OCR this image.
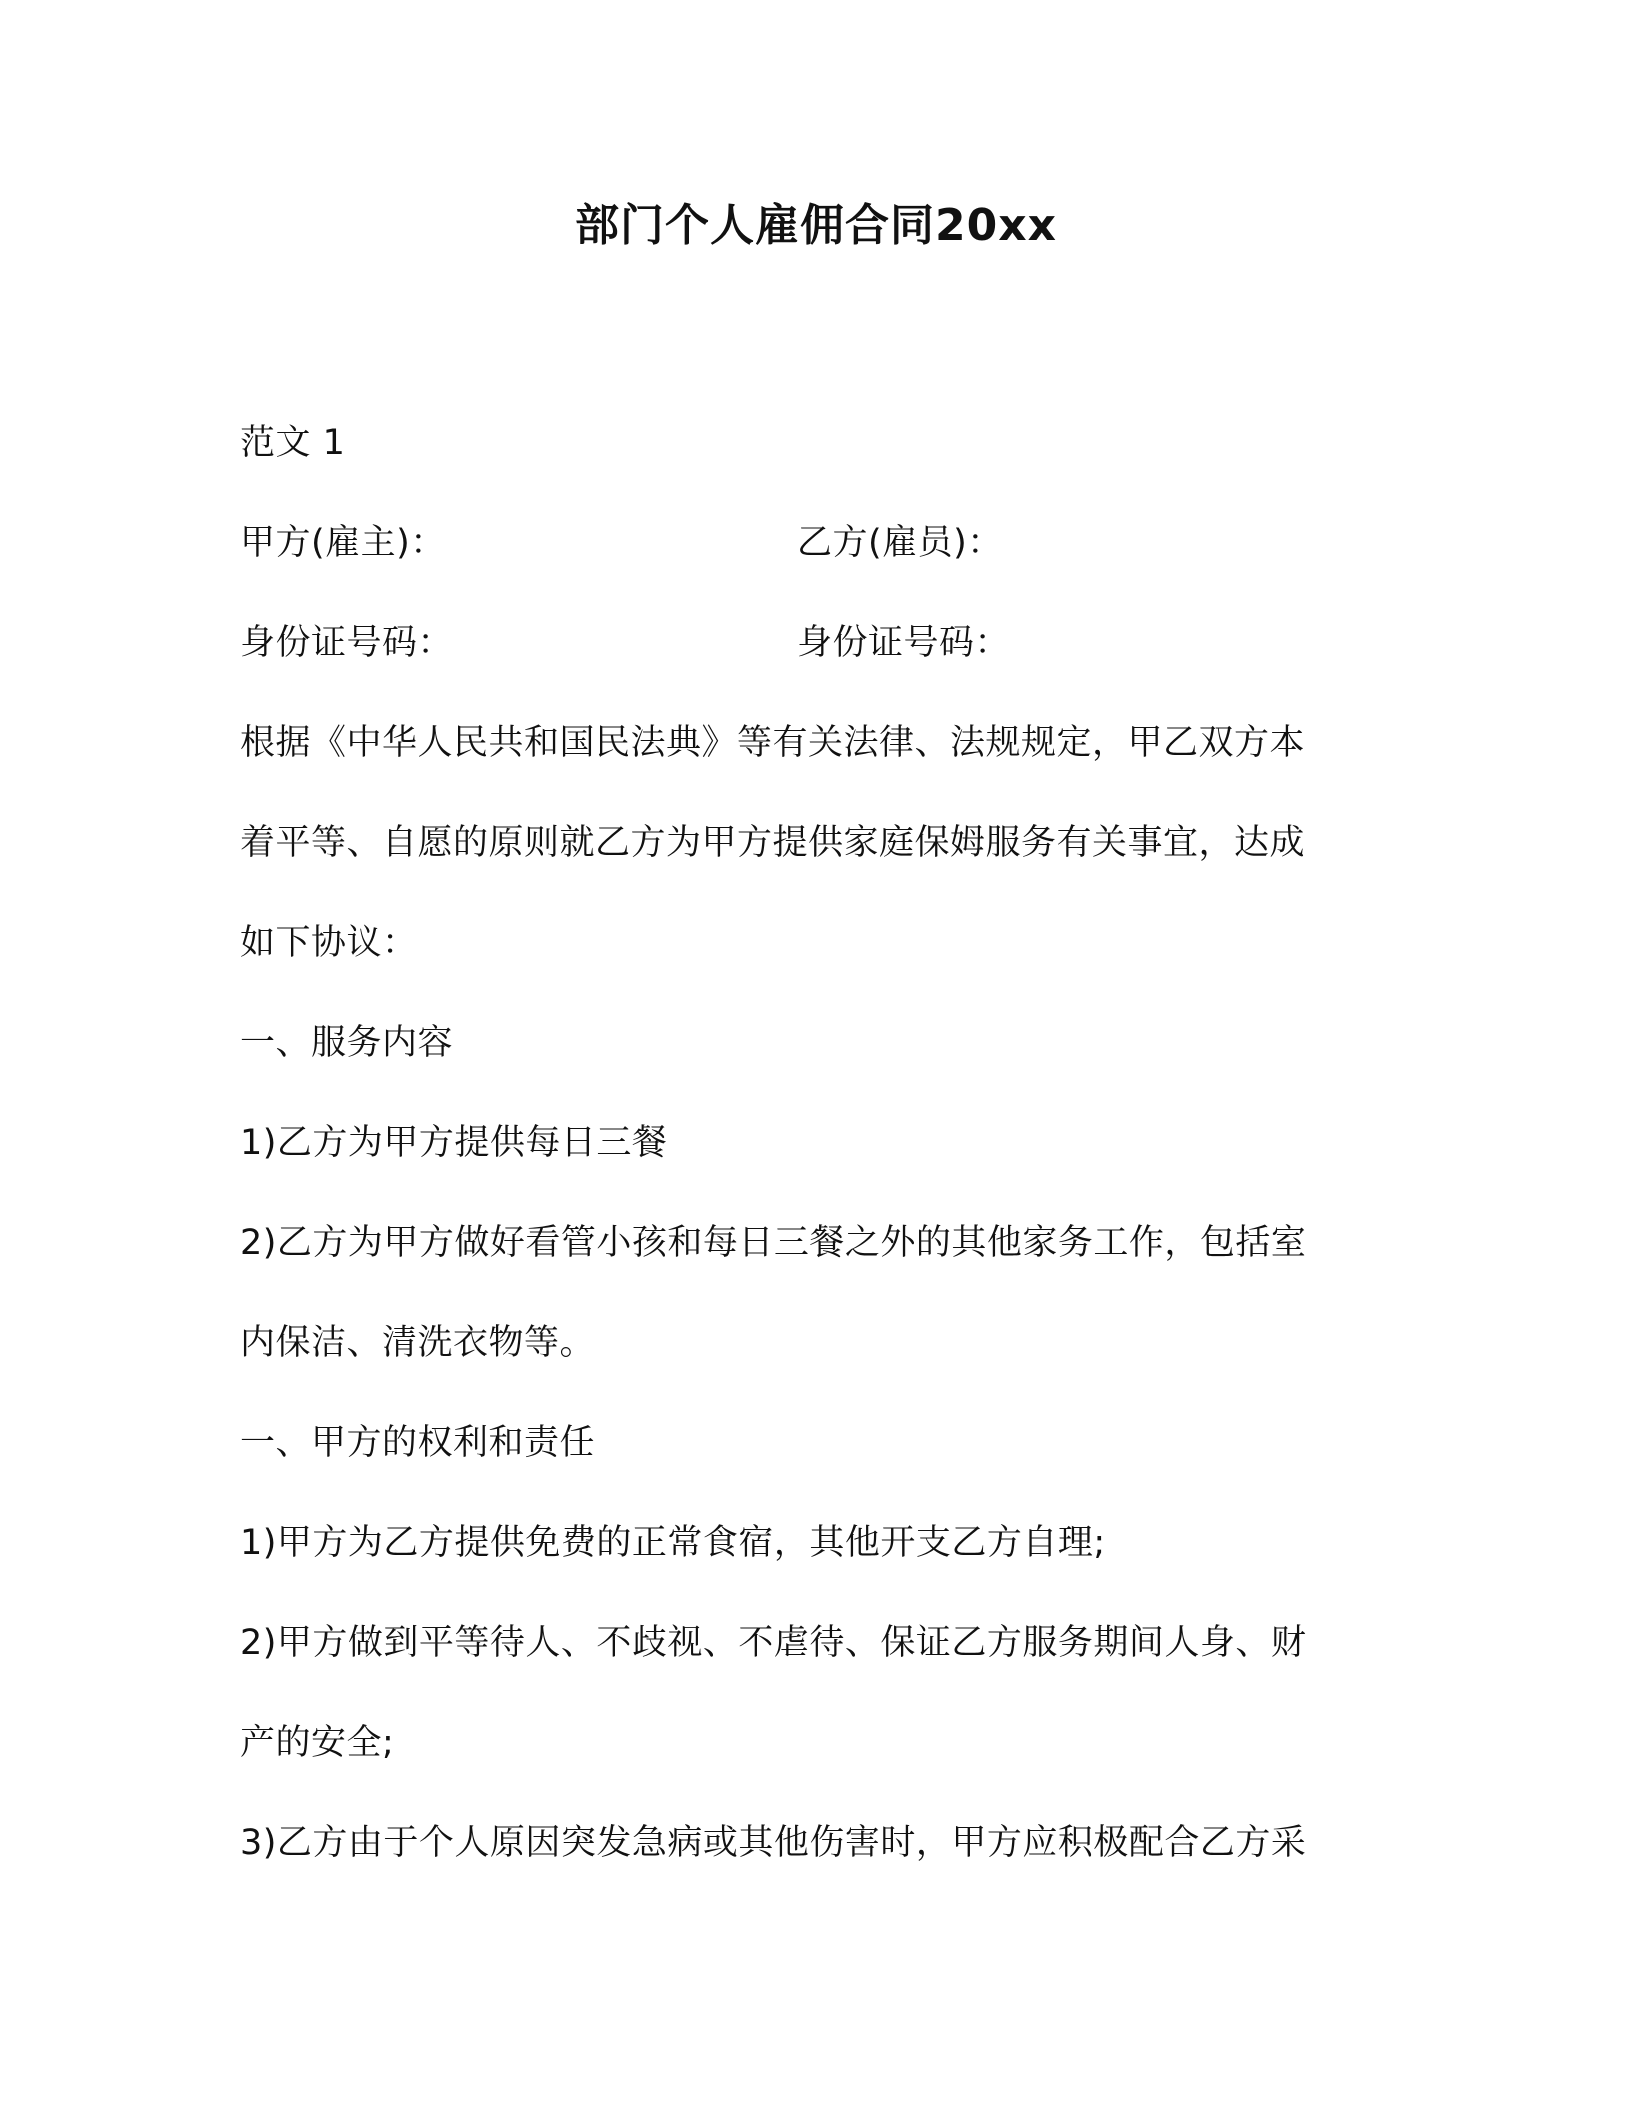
部门个人雇佣合同20xx
范文 1
甲方(雇主)：	乙方(雇员)：
身份证号码：	身份证号码：
根据《中华人民共和国民法典》等有关法律、法规规定，甲乙双方本
着平等、自愿的原则就乙方为甲方提供家庭保姆服务有关事宜，达成
如下协议：
一、服务内容
1)乙方为甲方提供每日三餐
2)乙方为甲方做好看管小孩和每日三餐之外的其他家务工作，包括室
内保洁、清洗衣物等。
一、甲方的权利和责任
1)甲方为乙方提供免费的正常食宿，其他开支乙方自理;
2)甲方做到平等待人、不歧视、不虐待、保证乙方服务期间人身、财
产的安全;
3)乙方由于个人原因突发急病或其他伤害时，甲方应积极配合乙方采
